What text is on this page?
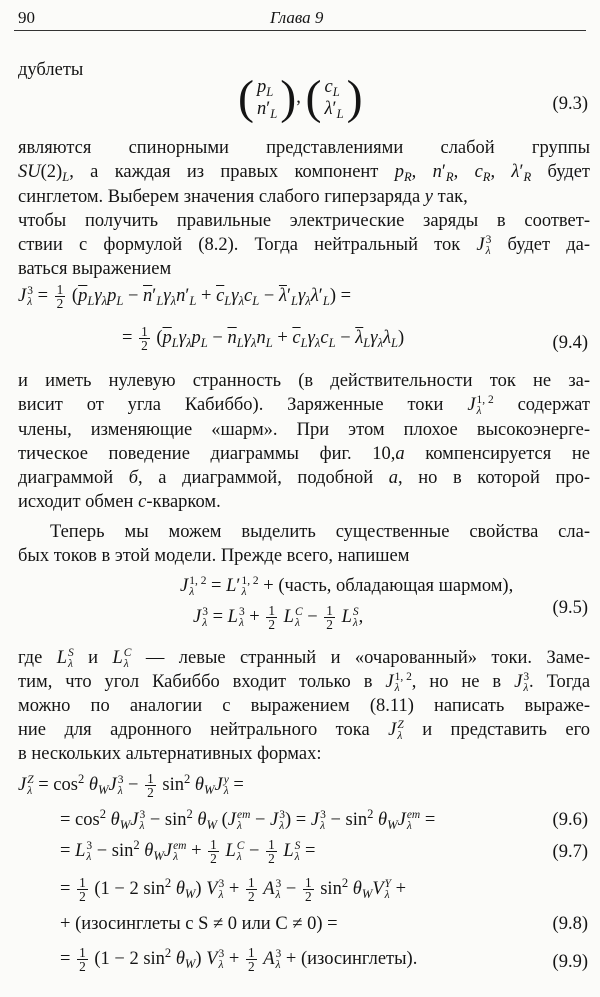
90	Глава 9
дублеты
( $p_L$
$n'_L$ ), ( $c_L$
$\lambda'_L$ )	(9.3)
являются спинорными представлениями слабой группы
$SU(2)_L$, а каждая из правых компонент $p_R$, $n'_R$, $c_R$, $\lambda'_R$ будет
синглетом. Выберем значения слабого гиперзаряда y так,
чтобы получить правильные электрические заряды в соответ-
ствии с формулой (8.2). Тогда нейтральный ток J 3
λ будет да-
ваться выражением
J 3
$\lambda = \frac{1}{2} (\overline{p}_L\gamma_\lambda p_L - \overline{n}'_L\gamma_\lambda n'_L + \overline{c}_L\gamma_\lambda c_L - \overline{\lambda}'_L\gamma_\lambda\lambda'_L)$ =
= $\frac{1}{2} (\overline{p}_L\gamma_\lambda p_L - \overline{n}_L\gamma_\lambda n_L + \overline{c}_L\gamma_\lambda c_L - \overline{\lambda}_L\gamma_\lambda\lambda_L)$	(9.4)
и иметь нулевую странность (в действительности ток не за-
висит от угла Кабиббо). Заряженные токи J 1, 2
λ	содержат
члены, изменяющие «шарм». При этом плохое высокоэнерге-
тическое поведение диаграммы фиг. 10,a компенсируется не
диаграммой б, а диаграммой, подобной a, но в которой про-
исходит обмен c-кварком.
Теперь мы можем выделить существенные свойства сла-
бых токов в этой модели. Прежде всего, напишем
J 1, 2
λ = L′ 1, 2
λ + (часть, обладающая шармом),
J 3
λ = L 3
$\lambda + \frac{1}{2}$ L C
$\lambda - \frac{1}{2}$ L S
λ ,	(9.5)
где L S
λ и L C
λ — левые странный и «очарованный» токи. Заме-
тим, что угол Кабиббо входит только в J 1, 2
λ , но не в J 3
λ . Тогда
можно по аналогии с выражением (8.11) написать выраже-
ние для адронного нейтрального тока J Z
λ и представить его
в нескольких альтернативных формах:
J Z
$\lambda = \cos^2 \theta_WJ$ 3
$\lambda - \frac{1}{2} \sin^2 \theta_WJ$ y
λ =
= $\cos^2 \theta_WJ$ 3
$\lambda - \sin^2 \theta_W$ (J em
λ − J 3
λ ) = J 3
$\lambda - \sin^2 \theta_WJ$ em
λ =	(9.6)
= L 3
$\lambda - \sin^2 \theta_WJ$ em
$\lambda + \frac{1}{2}$ L C
$\lambda - \frac{1}{2}$ L S
λ =	(9.7)
= $\frac{1}{2} (1 - 2$ $\sin^2 \theta_W$) V 3
$\lambda + \frac{1}{2}$ A 3
$\lambda - \frac{1}{2} \sin^2 \theta_WV$ Y
λ +
+ (изосинглеты с S ≠ 0 или C ≠ 0) =	(9.8)
= $\frac{1}{2} (1 - 2$ $\sin^2 \theta_W$) V 3
$\lambda + \frac{1}{2}$ A 3
λ + (изосинглеты).	(9.9)
